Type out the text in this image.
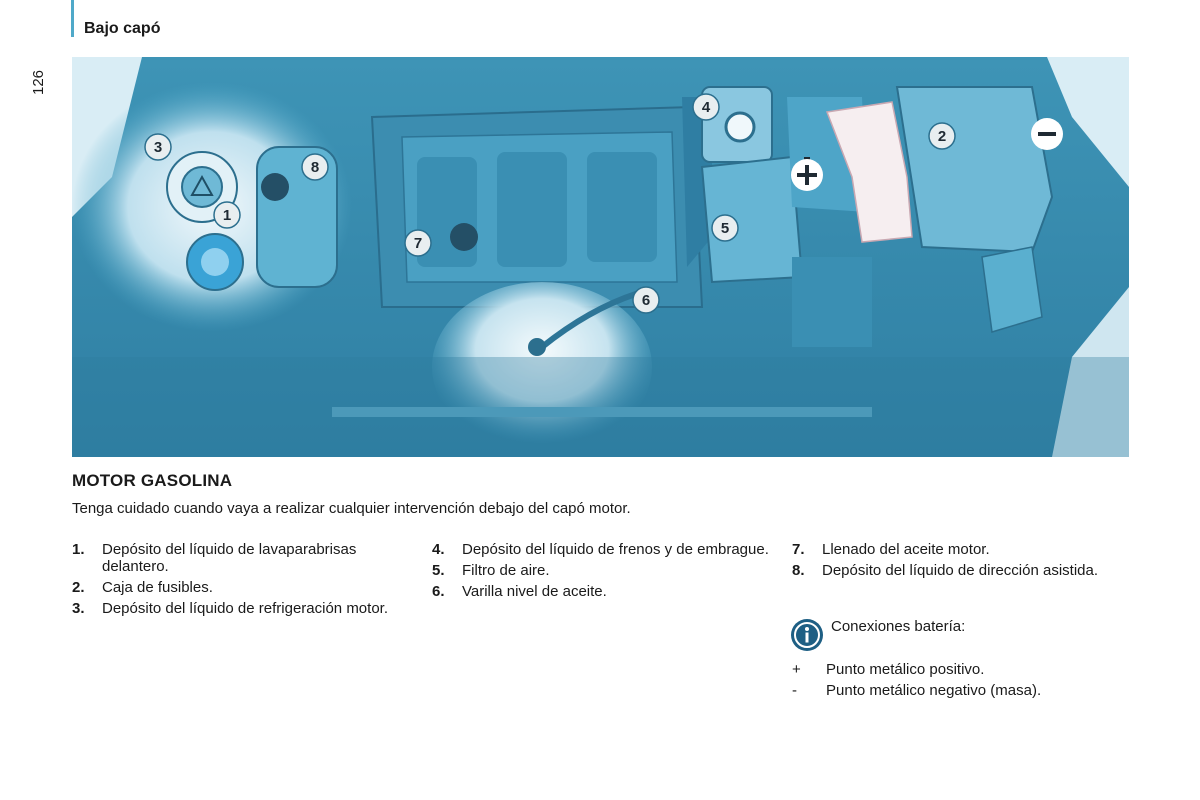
Bajo capó
126
1
2
3
4
5
6
7
8
MOTOR GASOLINA
Tenga cuidado cuando vaya a realizar cualquier intervención debajo del capó motor.
1. Depósito del líquido de lavaparabrisas delantero.
2. Caja de fusibles.
3. Depósito del líquido de refrigeración motor.
4. Depósito del líquido de frenos y de embrague.
5. Filtro de aire.
6. Varilla nivel de aceite.
7. Llenado del aceite motor.
8. Depósito del líquido de dirección asistida.
Conexiones batería:
+ Punto metálico positivo.
- Punto metálico negativo (masa).
